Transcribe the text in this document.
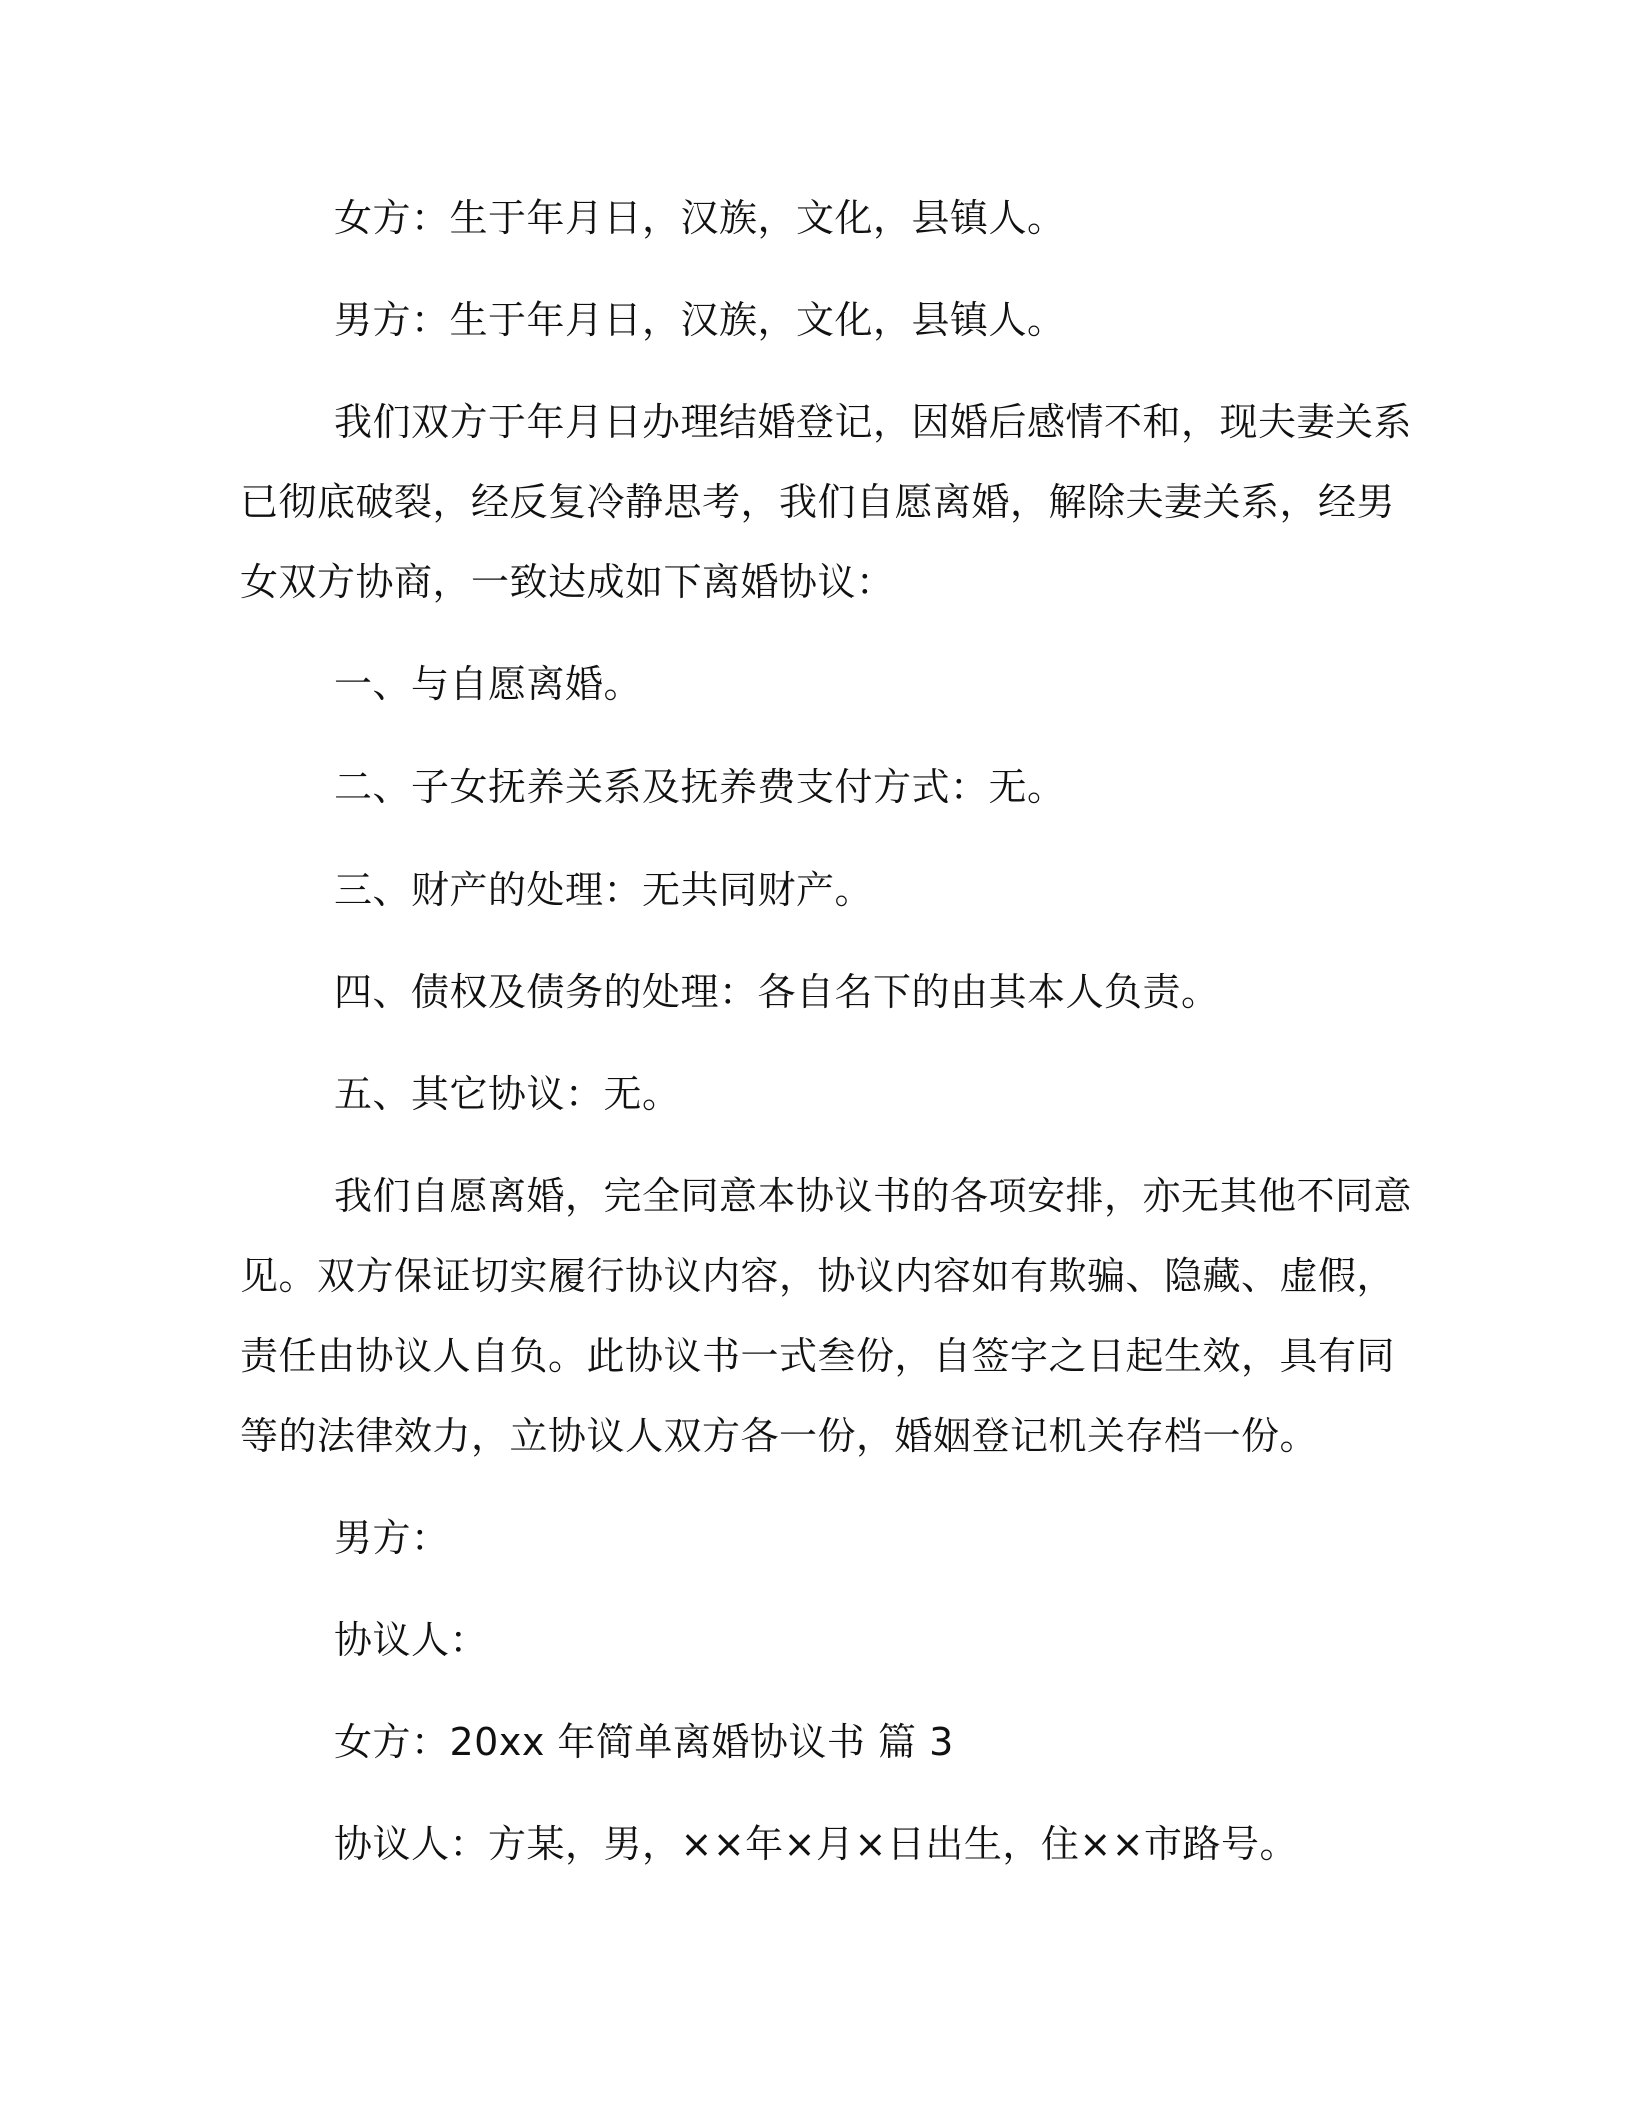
女方：生于年月日，汉族，文化，县镇人。
男方：生于年月日，汉族，文化，县镇人。
我们双方于年月日办理结婚登记，因婚后感情不和，现夫妻关系
已彻底破裂，经反复冷静思考，我们自愿离婚，解除夫妻关系，经男
女双方协商，一致达成如下离婚协议：
一、与自愿离婚。
二、子女抚养关系及抚养费支付方式：无。
三、财产的处理：无共同财产。
四、债权及债务的处理：各自名下的由其本人负责。
五、其它协议：无。
我们自愿离婚，完全同意本协议书的各项安排，亦无其他不同意
见。双方保证切实履行协议内容，协议内容如有欺骗、隐藏、虚假，
责任由协议人自负。此协议书一式叁份，自签字之日起生效，具有同
等的法律效力，立协议人双方各一份，婚姻登记机关存档一份。
男方：
协议人：
女方：20xx 年简单离婚协议书 篇 3
协议人：方某，男，××年×月×日出生，住××市路号。
